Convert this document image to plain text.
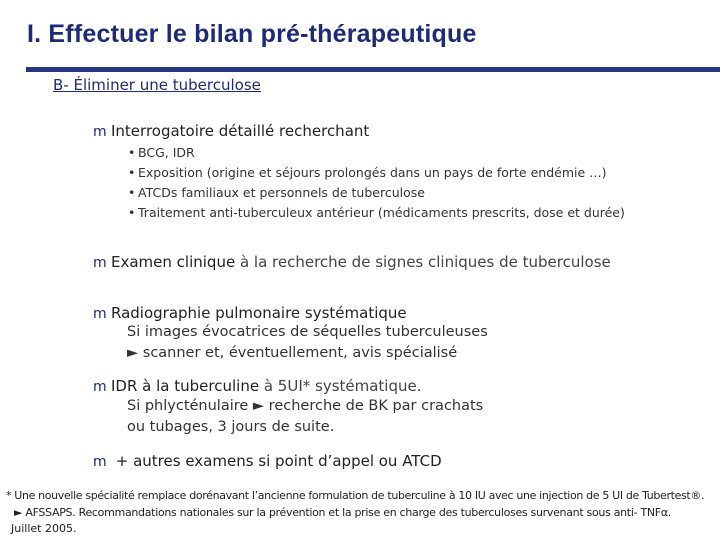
I. Effectuer le bilan pré-thérapeutique
B- Éliminer une tuberculose
m Interrogatoire détaillé recherchant
• BCG, IDR
• Exposition (origine et séjours prolongés dans un pays de forte endémie …)
• ATCDs familiaux et personnels de tuberculose
• Traitement anti-tuberculeux antérieur (médicaments prescrits, dose et durée)
m Examen clinique à la recherche de signes cliniques de tuberculose
m Radiographie pulmonaire systématique
Si images évocatrices de séquelles tuberculeuses
► scanner et, éventuellement, avis spécialisé
m IDR à la tuberculine à 5UI* systématique.
Si phlycténulaire ► recherche de BK par crachats
ou tubages, 3 jours de suite.
m + autres examens si point d’appel ou ATCD
* Une nouvelle spécialité remplace dorénavant l’ancienne formulation de tuberculine à 10 IU avec une injection de 5 UI de Tubertest®.
► AFSSAPS. Recommandations nationales sur la prévention et la prise en charge des tuberculoses survenant sous anti- TNFα.
Juillet 2005.
